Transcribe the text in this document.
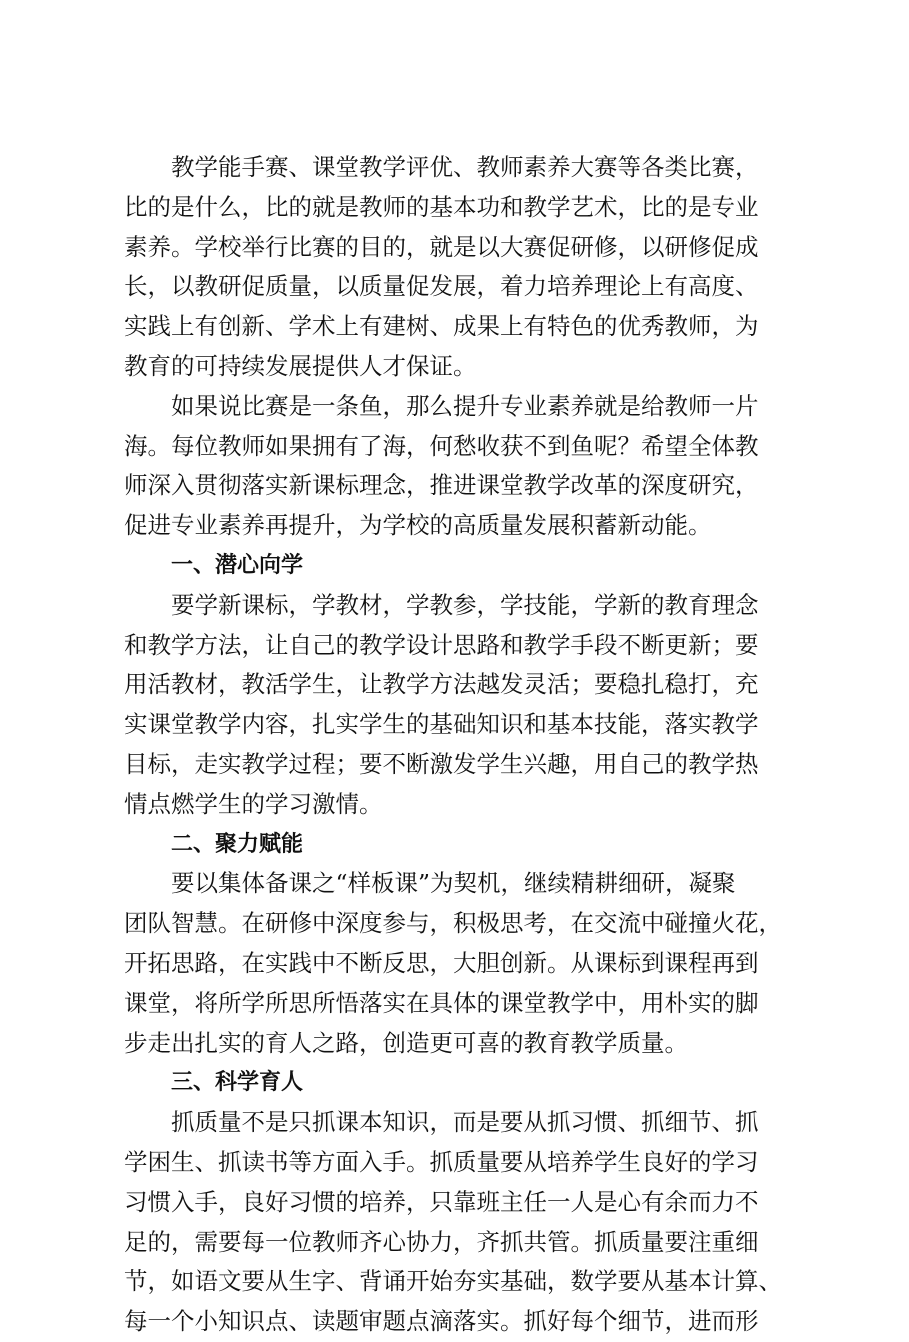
教学能手赛、课堂教学评优、教师素养大赛等各类比赛，
比的是什么，比的就是教师的基本功和教学艺术，比的是专业
素养。学校举行比赛的目的，就是以大赛促研修，以研修促成
长，以教研促质量，以质量促发展，着力培养理论上有高度、
实践上有创新、学术上有建树、成果上有特色的优秀教师，为
教育的可持续发展提供人才保证。
如果说比赛是一条鱼，那么提升专业素养就是给教师一片
海。每位教师如果拥有了海，何愁收获不到鱼呢？希望全体教
师深入贯彻落实新课标理念，推进课堂教学改革的深度研究，
促进专业素养再提升，为学校的高质量发展积蓄新动能。
一、潜心向学
要学新课标，学教材，学教参，学技能，学新的教育理念
和教学方法，让自己的教学设计思路和教学手段不断更新；要
用活教材，教活学生，让教学方法越发灵活；要稳扎稳打，充
实课堂教学内容，扎实学生的基础知识和基本技能，落实教学
目标，走实教学过程；要不断激发学生兴趣，用自己的教学热
情点燃学生的学习激情。
二、聚力赋能
要以集体备课之“样板课”为契机，继续精耕细研，凝聚
团队智慧。在研修中深度参与，积极思考，在交流中碰撞火花，
开拓思路，在实践中不断反思，大胆创新。从课标到课程再到
课堂，将所学所思所悟落实在具体的课堂教学中，用朴实的脚
步走出扎实的育人之路，创造更可喜的教育教学质量。
三、科学育人
抓质量不是只抓课本知识，而是要从抓习惯、抓细节、抓
学困生、抓读书等方面入手。抓质量要从培养学生良好的学习
习惯入手，良好习惯的培养，只靠班主任一人是心有余而力不
足的，需要每一位教师齐心协力，齐抓共管。抓质量要注重细
节，如语文要从生字、背诵开始夯实基础，数学要从基本计算、
每一个小知识点、读题审题点滴落实。抓好每个细节，进而形
